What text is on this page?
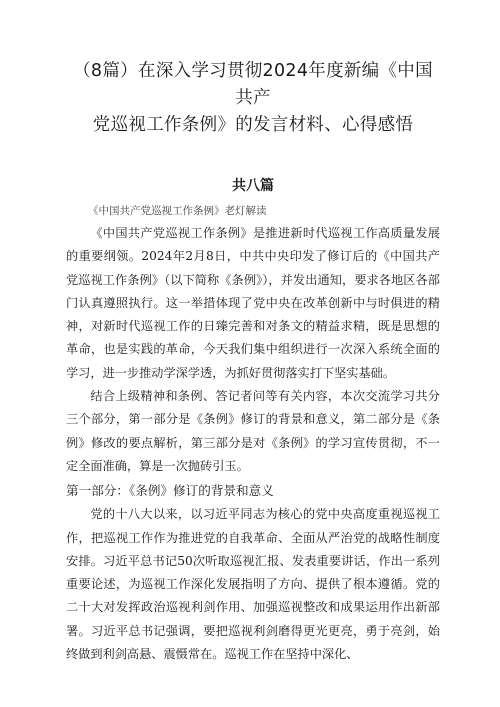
（8篇）在深入学习贯彻2024年度新编《中国共产
党巡视工作条例》的发言材料、心得感悟
共八篇
《中国共产党巡视工作条例》老灯解读

《中国共产党巡视工作条例》是推进新时代巡视工作高质量发展的重要纲领。2024年2月8日，中共中央印发了修订后的《中国共产党巡视工作条例》（以下简称《条例》），并发出通知，要求各地区各部门认真遵照执行。这一举措体现了党中央在改革创新中与时俱进的精神，对新时代巡视工作的日臻完善和对条文的精益求精，既是思想的革命，也是实践的革命，今天我们集中组织进行一次深入系统全面的学习，进一步推动学深学透，为抓好贯彻落实打下坚实基础。

结合上级精神和条例、答记者问等有关内容，本次交流学习共分三个部分，第一部分是《条例》修订的背景和意义，第二部分是《条例》修改的要点解析，第三部分是对《条例》的学习宣传贯彻，不一定全面准确，算是一次抛砖引玉。

第一部分：《条例》修订的背景和意义

党的十八大以来，以习近平同志为核心的党中央高度重视巡视工作，把巡视工作作为推进党的自我革命、全面从严治党的战略性制度安排。习近平总书记50次听取巡视汇报、发表重要讲话，作出一系列重要论述，为巡视工作深化发展指明了方向、提供了根本遵循。党的二十大对发挥政治巡视利剑作用、加强巡视整改和成果运用作出新部署。习近平总书记强调，要把巡视利剑磨得更光更亮，勇于亮剑，始终做到利剑高悬、震慑常在。巡视工作在坚持中深化、
